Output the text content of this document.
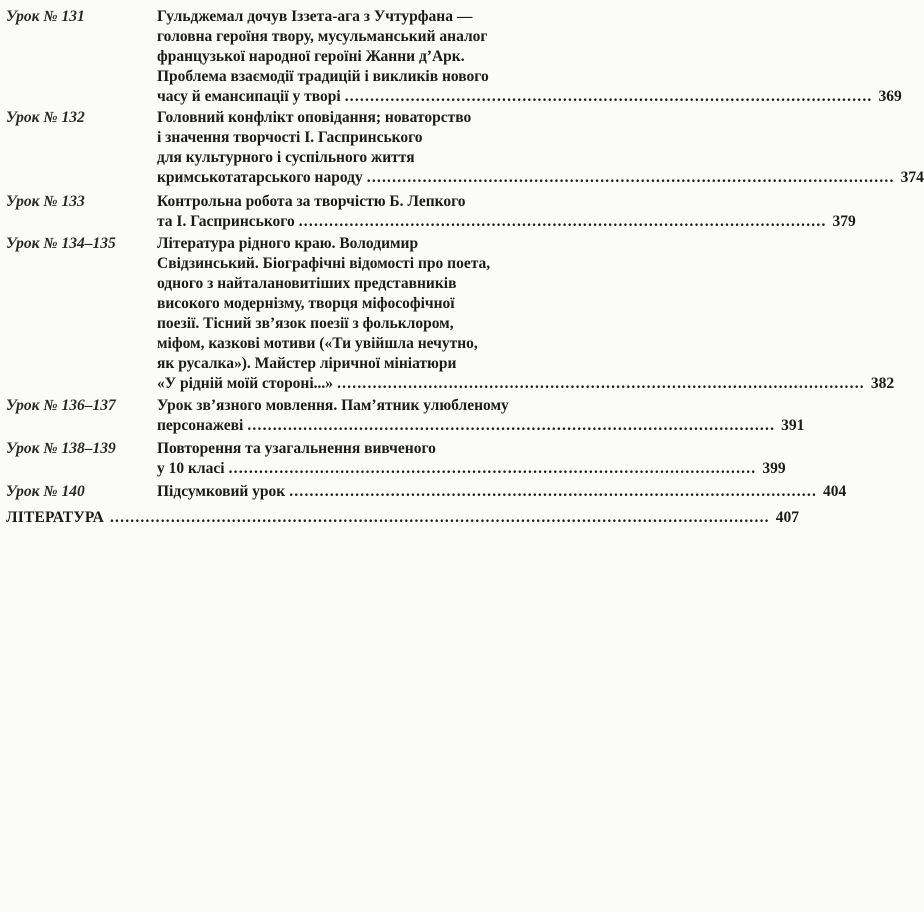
Урок № 131	Гульджемал дочув Іззета-ага з Учтурфана —
головна героїня твору, мусульманський аналог
французької народної героїні Жанни д’Арк.
Проблема взаємодії традицій і викликів нового
часу й емансипації у творі ........................................................................................................ 369
Урок № 132	Головний конфлікт оповідання; новаторство
і значення творчості І. Гаспринського
для культурного і суспільного життя
кримськотатарського народу ........................................................................................................ 374
Урок № 133	Контрольна робота за творчістю Б. Лепкого
та І. Гаспринського ........................................................................................................ 379
Урок № 134–135	Література рідного краю. Володимир
Свідзинський. Біографічні відомості про поета,
одного з найталановитіших представників
високого модернізму, творця міфософічної
поезії. Тісний зв’язок поезії з фольклором,
міфом, казкові мотиви («Ти увійшла нечутно,
як русалка»). Майстер ліричної мініатюри
«У рідній моїй стороні...» ........................................................................................................ 382
Урок № 136–137	Урок зв’язного мовлення. Пам’ятник улюбленому
персонажеві ........................................................................................................ 391
Урок № 138–139	Повторення та узагальнення вивченого
у 10 класі ........................................................................................................ 399
Урок № 140	Підсумковий урок ........................................................................................................ 404
ЛІТЕРАТУРА .................................................................................................................................. 407
